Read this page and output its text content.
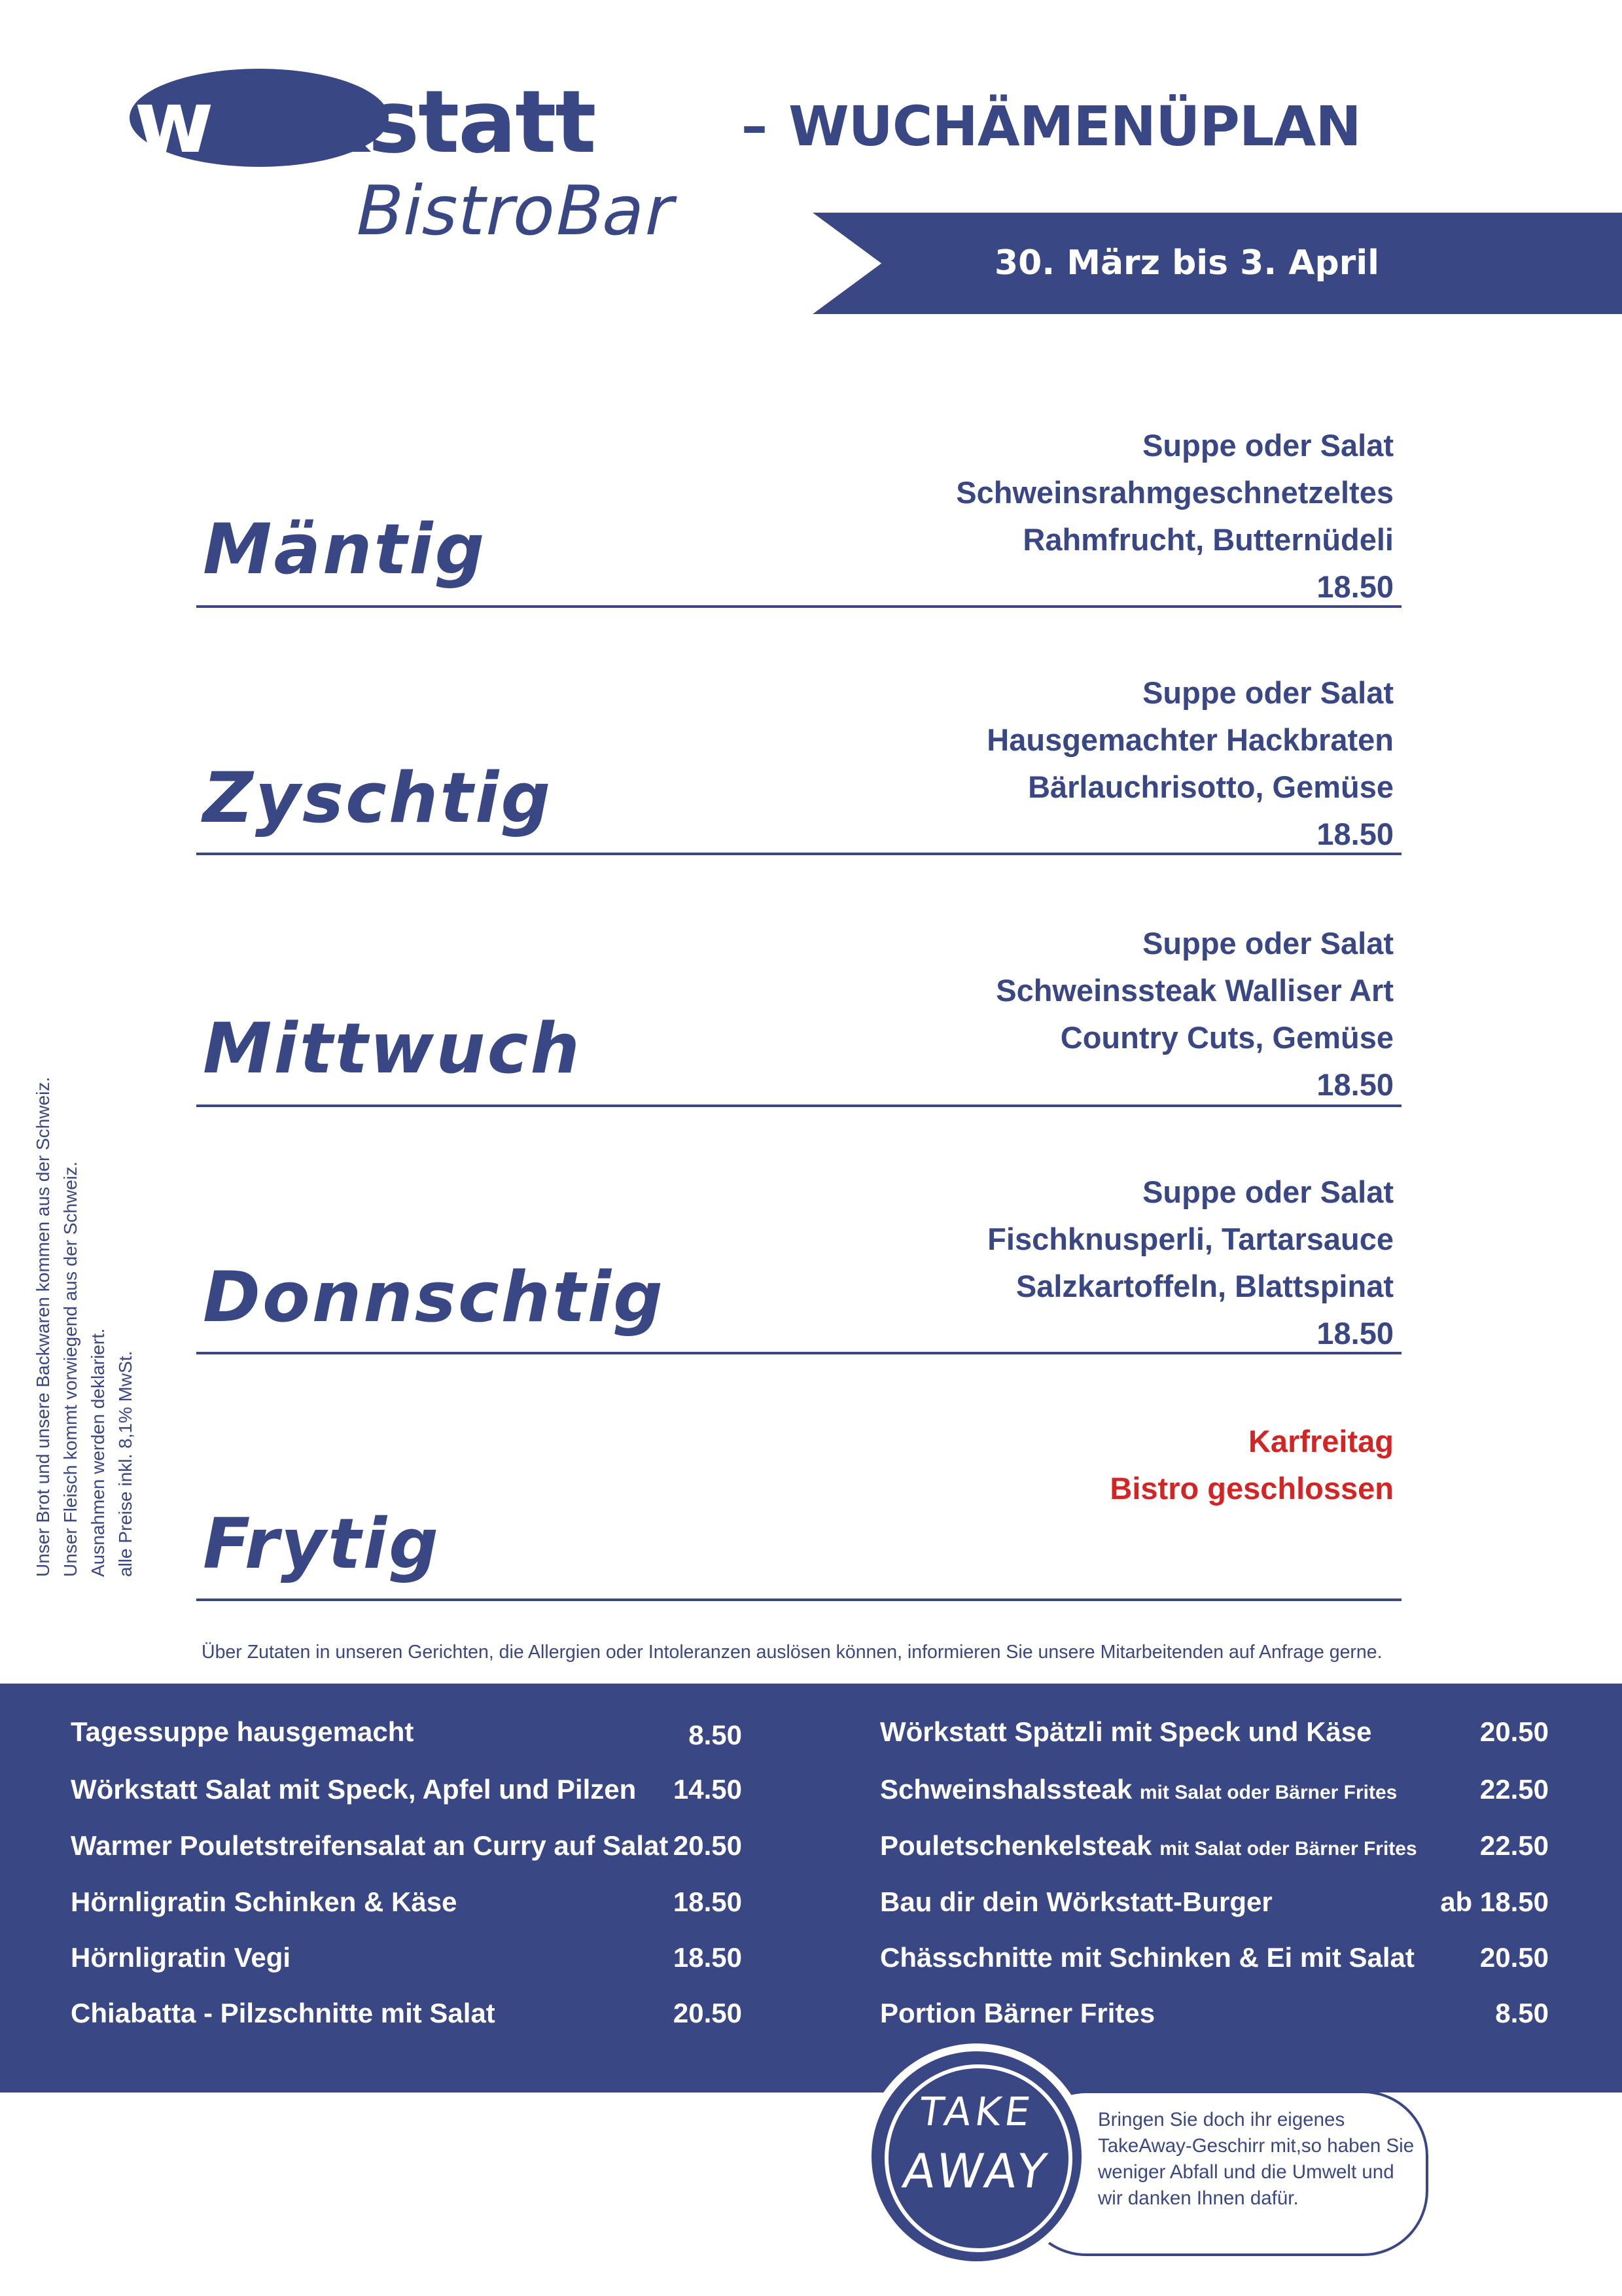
wörkstatt
BistroBar
– WUCHÄMENÜPLAN
30. März bis 3. April
Mäntig
Suppe oder Salat
Schweinsrahmgeschnetzeltes
Rahmfrucht, Butternüdeli
18.50
Zyschtig
Suppe oder Salat
Hausgemachter Hackbraten
Bärlauchrisotto, Gemüse
18.50
Mittwuch
Suppe oder Salat
Schweinssteak Walliser Art
Country Cuts, Gemüse
18.50
Donnschtig
Suppe oder Salat
Fischknusperli, Tartarsauce
Salzkartoffeln, Blattspinat
18.50
Frytig
Karfreitag
Bistro geschlossen
Unser Brot und unsere Backwaren kommen aus der Schweiz. Unser Fleisch kommt vorwiegend aus der Schweiz. Ausnahmen werden deklariert. alle Preise inkl. 8,1% MwSt.
Über Zutaten in unseren Gerichten, die Allergien oder Intoleranzen auslösen können, informieren Sie unsere Mitarbeitenden auf Anfrage gerne.
Tagessuppe hausgemacht	8.50
Wörkstatt Salat mit Speck, Apfel und Pilzen 14.50
Warmer Pouletstreifensalat an Curry auf Salat 20.50
Hörnligratin Schinken & Käse	18.50
Hörnligratin Vegi	18.50
Chiabatta - Pilzschnitte mit Salat	20.50
Wörkstatt Spätzli mit Speck und Käse	20.50
Schweinshalssteak mit Salat oder Bärner Frites	22.50
Pouletschenkelsteak mit Salat oder Bärner Frites 22.50
Bau dir dein Wörkstatt-Burger	ab 18.50
Chässchnitte mit Schinken & Ei mit Salat 20.50
Portion Bärner Frites	8.50
TAKE
AWAY
Bringen Sie doch ihr eigenes
TakeAway-Geschirr mit,so haben Sie
weniger Abfall und die Umwelt und
wir danken Ihnen dafür.
